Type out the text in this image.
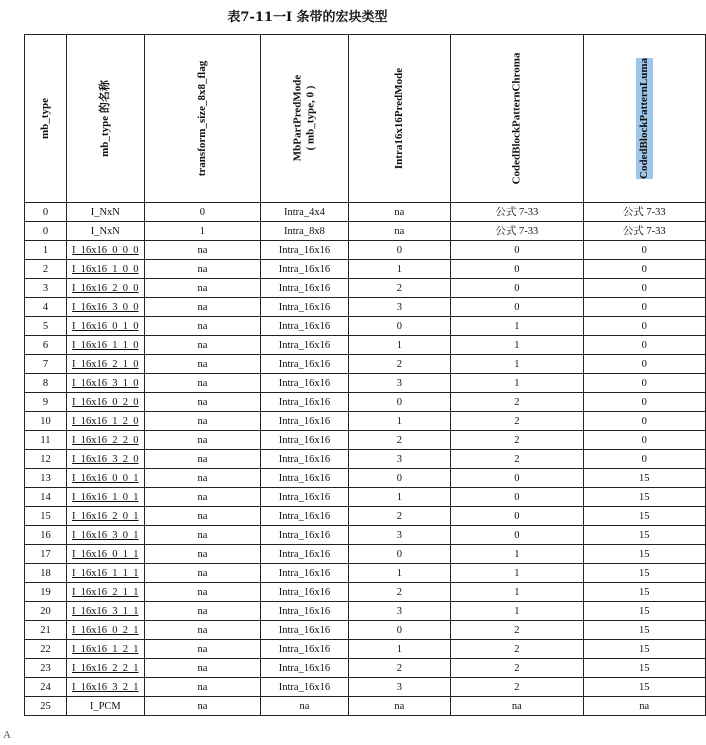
表7-11一I 条带的宏块类型
mb_type	mb_type 的名称	transform_size_8x8_flag	MbPartPredMode ( mb_type, 0 )	Intra16x16PredMode	CodedBlockPatternChroma	CodedBlockPatternLuma
0	I_NxN	0	Intra_4x4	na	公式 7-33	公式 7-33
0	I_NxN	1	Intra_8x8	na	公式 7-33	公式 7-33
1	I_16x16_0_0_0	na	Intra_16x16	0	0	0
2	I_16x16_1_0_0	na	Intra_16x16	1	0	0
3	I_16x16_2_0_0	na	Intra_16x16	2	0	0
4	I_16x16_3_0_0	na	Intra_16x16	3	0	0
5	I_16x16_0_1_0	na	Intra_16x16	0	1	0
6	I_16x16_1_1_0	na	Intra_16x16	1	1	0
7	I_16x16_2_1_0	na	Intra_16x16	2	1	0
8	I_16x16_3_1_0	na	Intra_16x16	3	1	0
9	I_16x16_0_2_0	na	Intra_16x16	0	2	0
10	I_16x16_1_2_0	na	Intra_16x16	1	2	0
11	I_16x16_2_2_0	na	Intra_16x16	2	2	0
12	I_16x16_3_2_0	na	Intra_16x16	3	2	0
13	I_16x16_0_0_1	na	Intra_16x16	0	0	15
14	I_16x16_1_0_1	na	Intra_16x16	1	0	15
15	I_16x16_2_0_1	na	Intra_16x16	2	0	15
16	I_16x16_3_0_1	na	Intra_16x16	3	0	15
17	I_16x16_0_1_1	na	Intra_16x16	0	1	15
18	I_16x16_1_1_1	na	Intra_16x16	1	1	15
19	I_16x16_2_1_1	na	Intra_16x16	2	1	15
20	I_16x16_3_1_1	na	Intra_16x16	3	1	15
21	I_16x16_0_2_1	na	Intra_16x16	0	2	15
22	I_16x16_1_2_1	na	Intra_16x16	1	2	15
23	I_16x16_2_2_1	na	Intra_16x16	2	2	15
24	I_16x16_3_2_1	na	Intra_16x16	3	2	15
25	I_PCM	na	na	na	na	na
A
